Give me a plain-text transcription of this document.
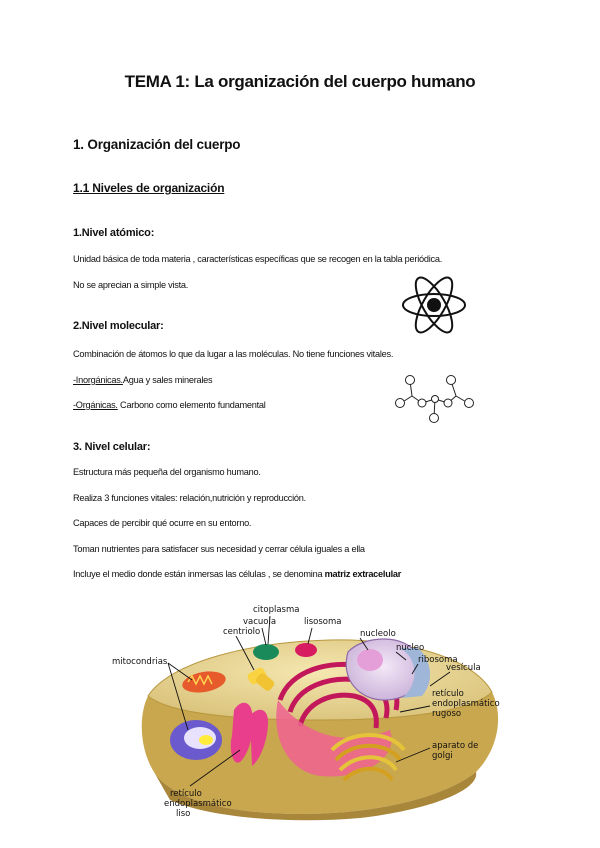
TEMA 1: La organización del cuerpo humano
1. Organización del cuerpo
1.1 Niveles de organización
1.Nivel atómico:

Unidad básica de toda materia , características específicas que se recogen en la tabla periódica.

No se aprecian a simple vista.

2.Nivel molecular:

Combinación de átomos lo que da lugar a las moléculas. No tiene funciones vitales.

-Inorgánicas.Agua y sales minerales

-Orgánicas. Carbono como elemento fundamental

3. Nivel celular:

Estructura más pequeña del organismo humano.

Realiza 3 funciones vitales: relación,nutrición y reproducción.

Capaces de percibir qué ocurre en su entorno.

Toman nutrientes para satisfacer sus necesidad y cerrar célula iguales a ella

Incluye el medio donde están inmersas las células , se denomina matriz extracelular

citoplasma
vacuola	lisosoma
centriolo	nucleolo
nucleo
ribosoma
vesícula
mitocondrias
retículo
endoplasmático
rugoso
aparato de
golgi
retículo
endoplasmático
liso
